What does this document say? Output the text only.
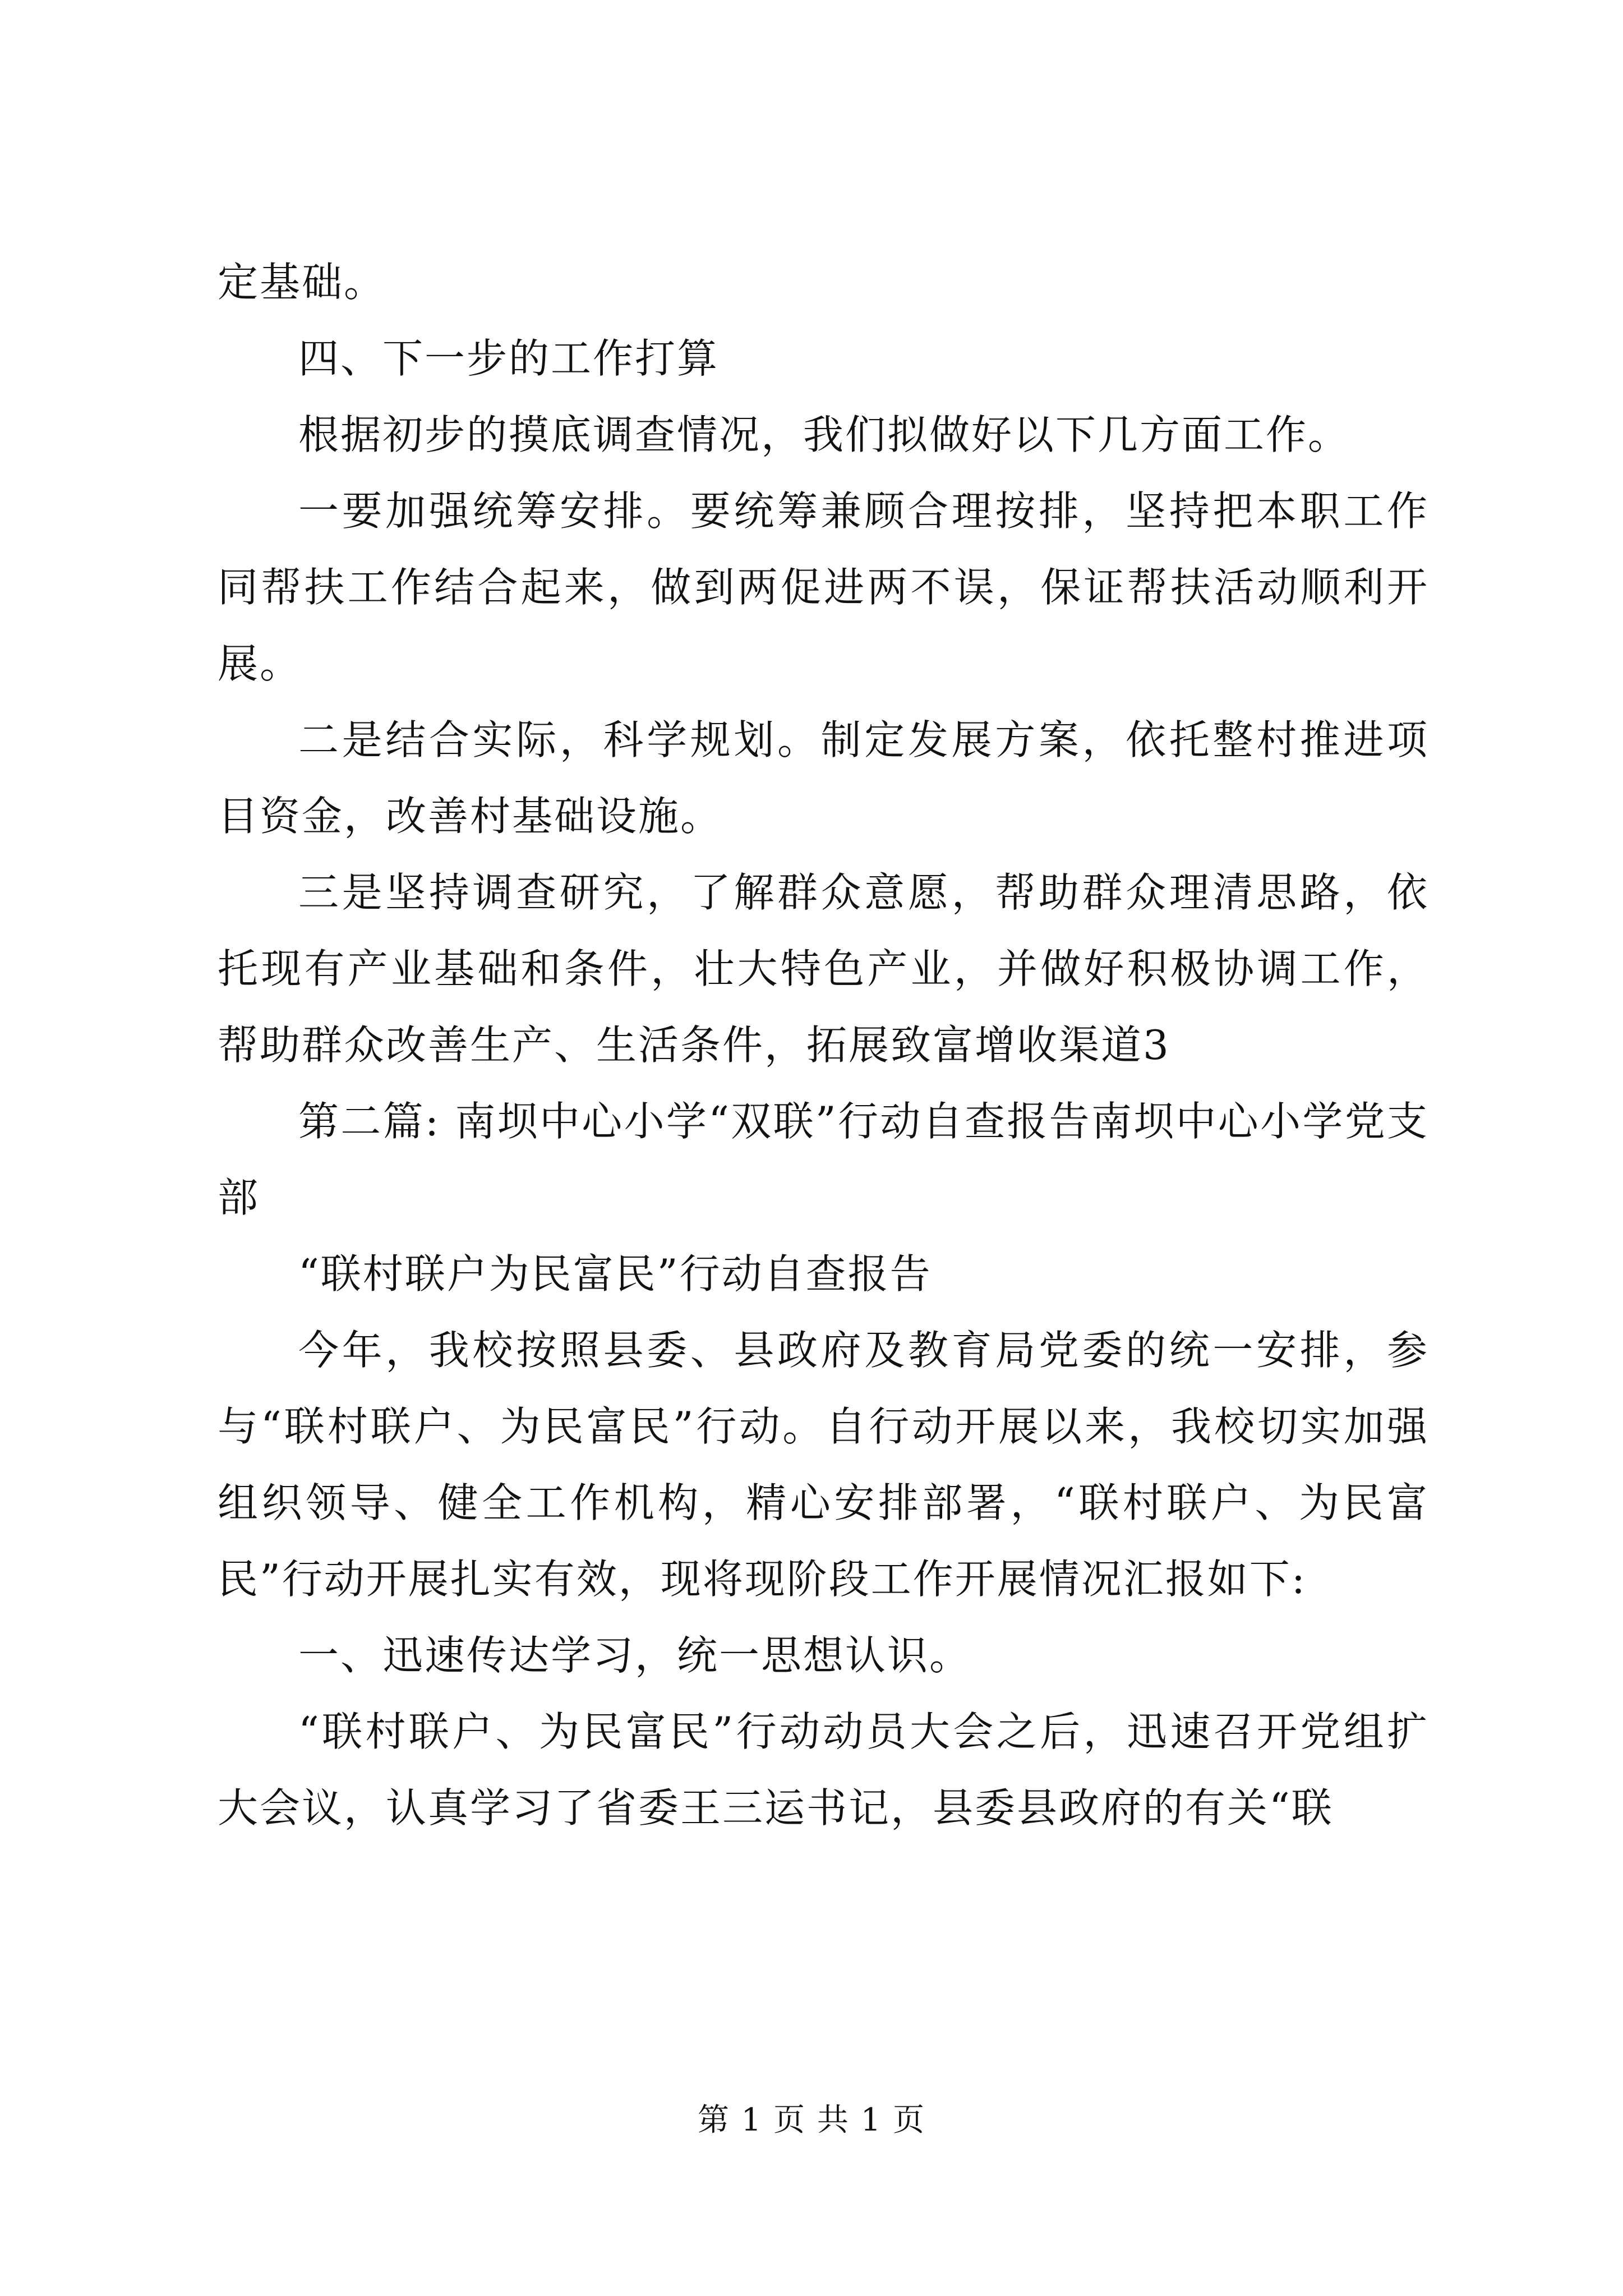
定基础。

四、下一步的工作打算

根据初步的摸底调查情况，我们拟做好以下几方面工作。

一要加强统筹安排。要统筹兼顾合理按排，坚持把本职工作同帮扶工作结合起来，做到两促进两不误，保证帮扶活动顺利开展。

二是结合实际，科学规划。制定发展方案，依托整村推进项目资金，改善村基础设施。

三是坚持调查研究，了解群众意愿，帮助群众理清思路，依托现有产业基础和条件，壮大特色产业，并做好积极协调工作，帮助群众改善生产、生活条件，拓展致富增收渠道3

第二篇: 南坝中心小学“双联”行动自查报告南坝中心小学党支部

“联村联户为民富民”行动自查报告

今年，我校按照县委、县政府及教育局党委的统一安排，参与“联村联户、为民富民”行动。自行动开展以来，我校切实加强组织领导、健全工作机构，精心安排部署，“联村联户、为民富民”行动开展扎实有效，现将现阶段工作开展情况汇报如下:

一、迅速传达学习，统一思想认识。

“联村联户、为民富民”行动动员大会之后，迅速召开党组扩大会议，认真学习了省委王三运书记，县委县政府的有关“联

第 1 页 共 1 页
